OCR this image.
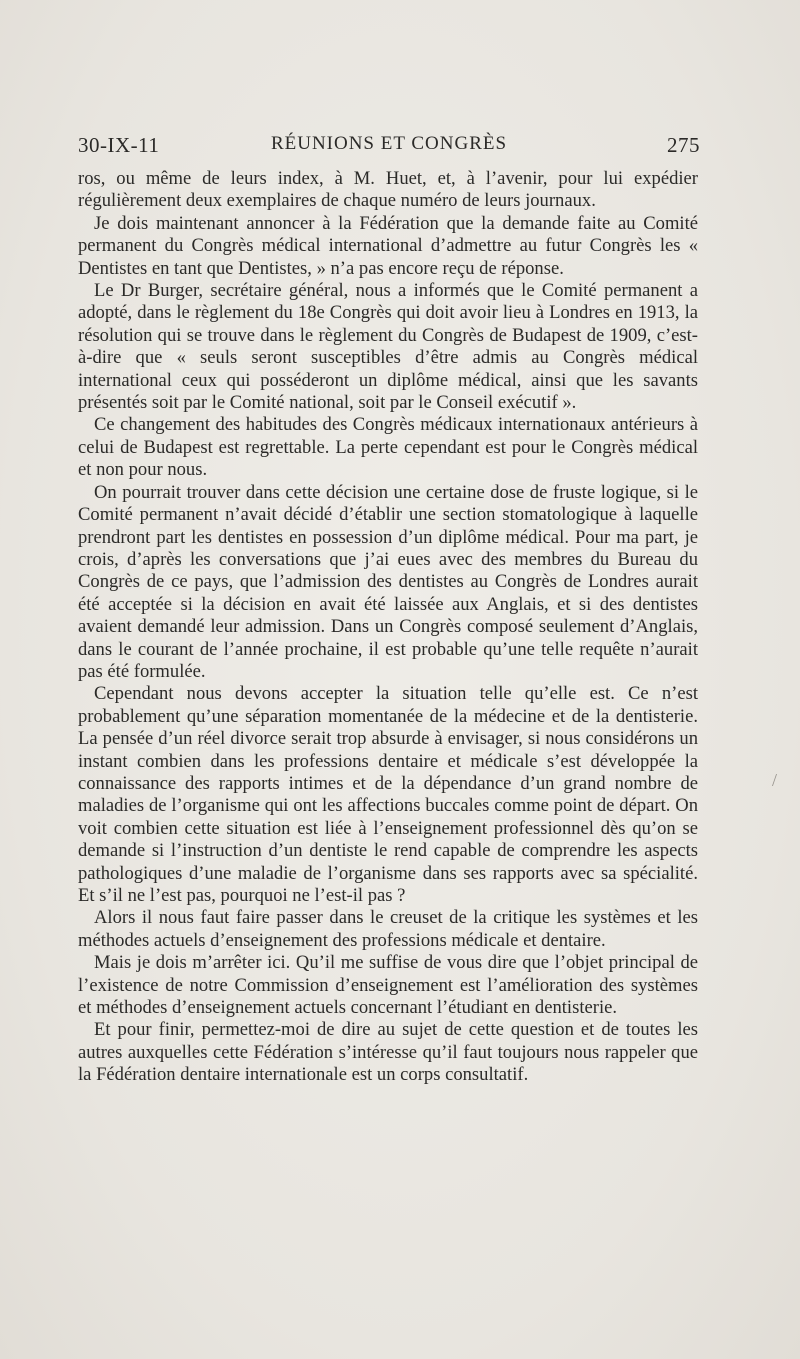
30-IX-11	RÉUNIONS ET CONGRÈS	275

ros, ou même de leurs index, à M. Huet, et, à l’avenir, pour lui expédier régulièrement deux exemplaires de chaque numéro de leurs journaux.

Je dois maintenant annoncer à la Fédération que la demande faite au Comité permanent du Congrès médical international d’admettre au futur Congrès les « Dentistes en tant que Dentistes, » n’a pas encore reçu de réponse.

Le Dr Burger, secrétaire général, nous a informés que le Comité permanent a adopté, dans le règlement du 18e Congrès qui doit avoir lieu à Londres en 1913, la résolution qui se trouve dans le règlement du Congrès de Budapest de 1909, c’est-à-dire que « seuls seront susceptibles d’être admis au Congrès médical international ceux qui posséderont un diplôme médical, ainsi que les savants présentés soit par le Comité national, soit par le Conseil exécutif ».

Ce changement des habitudes des Congrès médicaux internationaux antérieurs à celui de Budapest est regrettable. La perte cependant est pour le Congrès médical et non pour nous.

On pourrait trouver dans cette décision une certaine dose de fruste logique, si le Comité permanent n’avait décidé d’établir une section stomatologique à laquelle prendront part les dentistes en possession d’un diplôme médical. Pour ma part, je crois, d’après les conversations que j’ai eues avec des membres du Bureau du Congrès de ce pays, que l’admission des dentistes au Congrès de Londres aurait été acceptée si la décision en avait été laissée aux Anglais, et si des dentistes avaient demandé leur admission. Dans un Congrès composé seulement d’Anglais, dans le courant de l’année prochaine, il est probable qu’une telle requête n’aurait pas été formulée.

Cependant nous devons accepter la situation telle qu’elle est. Ce n’est probablement qu’une séparation momentanée de la médecine et de la dentisterie. La pensée d’un réel divorce serait trop absurde à envisager, si nous considérons un instant combien dans les professions dentaire et médicale s’est développée la connaissance des rapports intimes et de la dépendance d’un grand nombre de maladies de l’organisme qui ont les affections buccales comme point de départ. On voit combien cette situation est liée à l’enseignement professionnel dès qu’on se demande si l’instruction d’un dentiste le rend capable de comprendre les aspects pathologiques d’une maladie de l’organisme dans ses rapports avec sa spécialité. Et s’il ne l’est pas, pourquoi ne l’est-il pas ?

Alors il nous faut faire passer dans le creuset de la critique les systèmes et les méthodes actuels d’enseignement des professions médicale et dentaire.

Mais je dois m’arrêter ici. Qu’il me suffise de vous dire que l’objet principal de l’existence de notre Commission d’enseignement est l’amélioration des systèmes et méthodes d’enseignement actuels concernant l’étudiant en dentisterie.

Et pour finir, permettez-moi de dire au sujet de cette question et de toutes les autres auxquelles cette Fédération s’intéresse qu’il faut toujours nous rappeler que la Fédération dentaire internationale est un corps consultatif.

/
